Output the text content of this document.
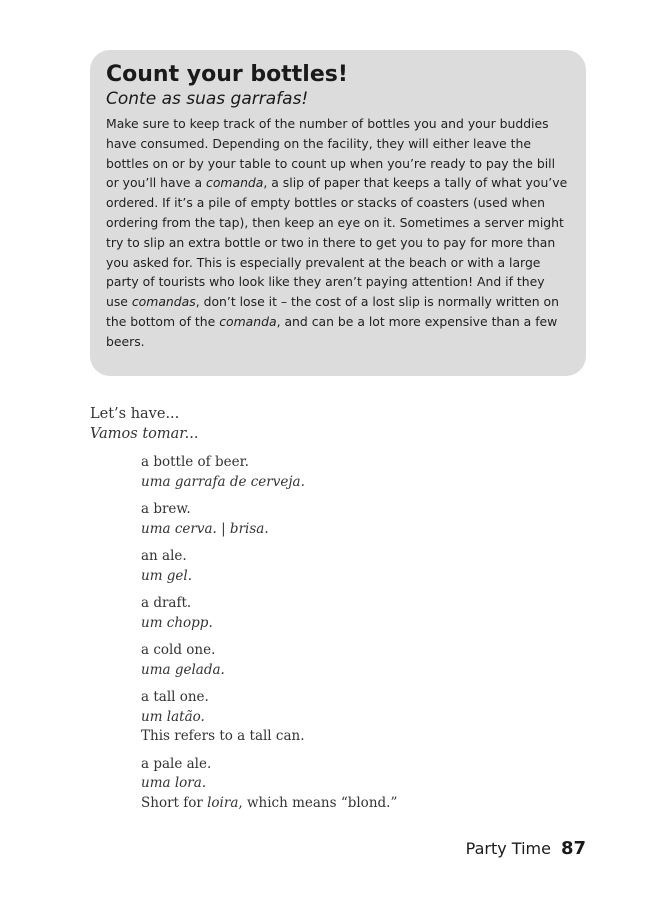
Count your bottles!
Conte as suas garrafas!

Make sure to keep track of the number of bottles you and your buddies have consumed. Depending on the facility, they will either leave the bottles on or by your table to count up when you’re ready to pay the bill or you’ll have a comanda, a slip of paper that keeps a tally of what you’ve ordered. If it’s a pile of empty bottles or stacks of coasters (used when ordering from the tap), then keep an eye on it. Sometimes a server might try to slip an extra bottle or two in there to get you to pay for more than you asked for. This is especially prevalent at the beach or with a large party of tourists who look like they aren’t paying attention! And if they use comandas, don’t lose it – the cost of a lost slip is normally written on the bottom of the comanda, and can be a lot more expensive than a few beers.

Let’s have...
Vamos tomar...
a bottle of beer.
uma garrafa de cerveja.
a brew.
uma cerva. | brisa.
an ale.
um gel.
a draft.
um chopp.
a cold one.
uma gelada.
a tall one.
um latão.
This refers to a tall can.
a pale ale.
uma lora.
Short for loira, which means “blond.”
Party Time 87
